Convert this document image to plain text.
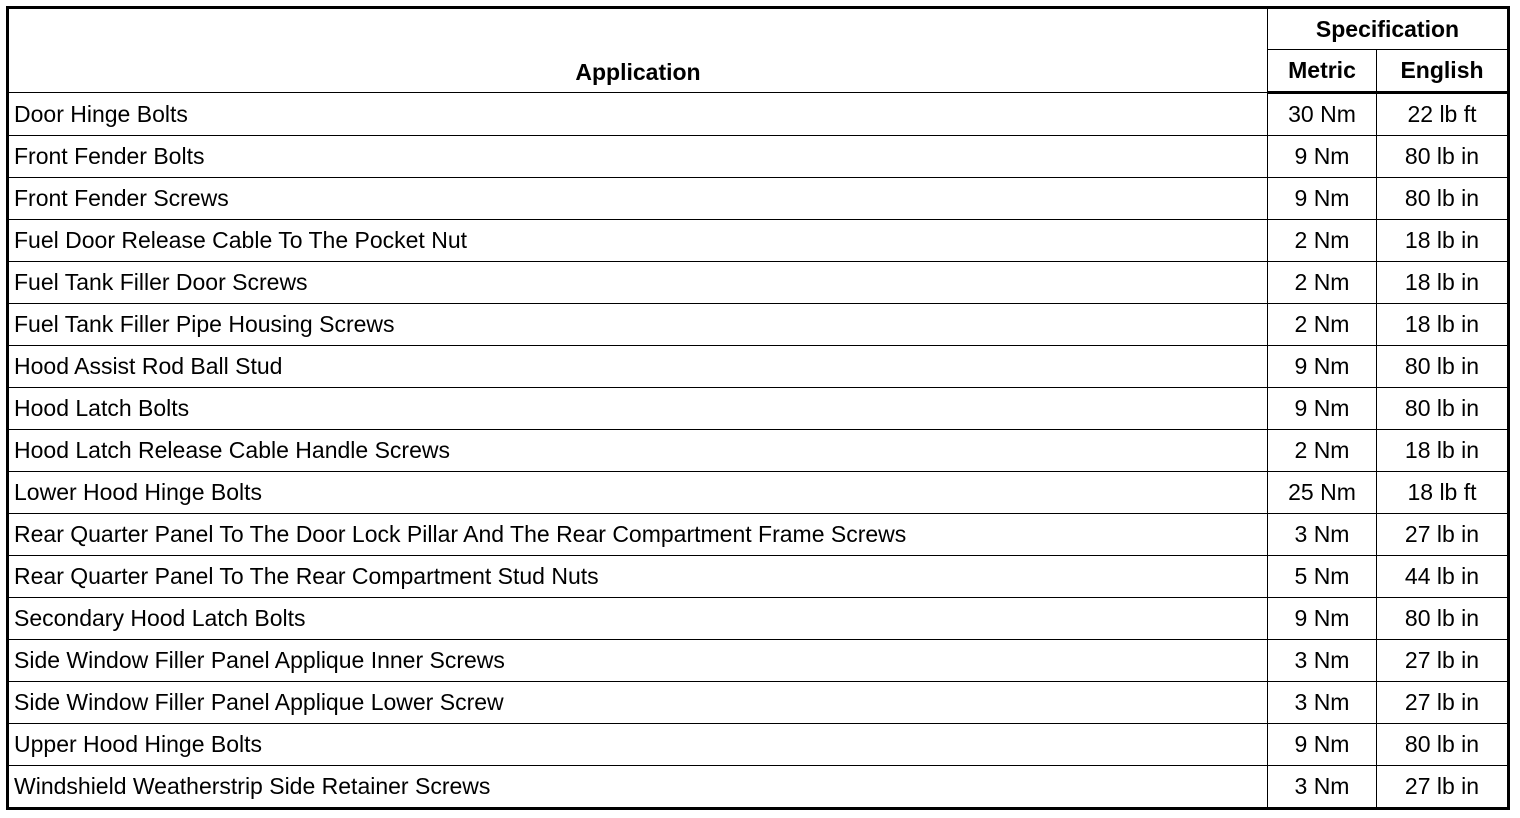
Application	Specification	
	Metric	English
Door Hinge Bolts	30 Nm	22 lb ft
Front Fender Bolts	9 Nm	80 lb in
Front Fender Screws	9 Nm	80 lb in
Fuel Door Release Cable To The Pocket Nut	2 Nm	18 lb in
Fuel Tank Filler Door Screws	2 Nm	18 lb in
Fuel Tank Filler Pipe Housing Screws	2 Nm	18 lb in
Hood Assist Rod Ball Stud	9 Nm	80 lb in
Hood Latch Bolts	9 Nm	80 lb in
Hood Latch Release Cable Handle Screws	2 Nm	18 lb in
Lower Hood Hinge Bolts	25 Nm	18 lb ft
Rear Quarter Panel To The Door Lock Pillar And The Rear Compartment Frame Screws	3 Nm	27 lb in
Rear Quarter Panel To The Rear Compartment Stud Nuts	5 Nm	44 lb in
Secondary Hood Latch Bolts	9 Nm	80 lb in
Side Window Filler Panel Applique Inner Screws	3 Nm	27 lb in
Side Window Filler Panel Applique Lower Screw	3 Nm	27 lb in
Upper Hood Hinge Bolts	9 Nm	80 lb in
Windshield Weatherstrip Side Retainer Screws	3 Nm	27 lb in
